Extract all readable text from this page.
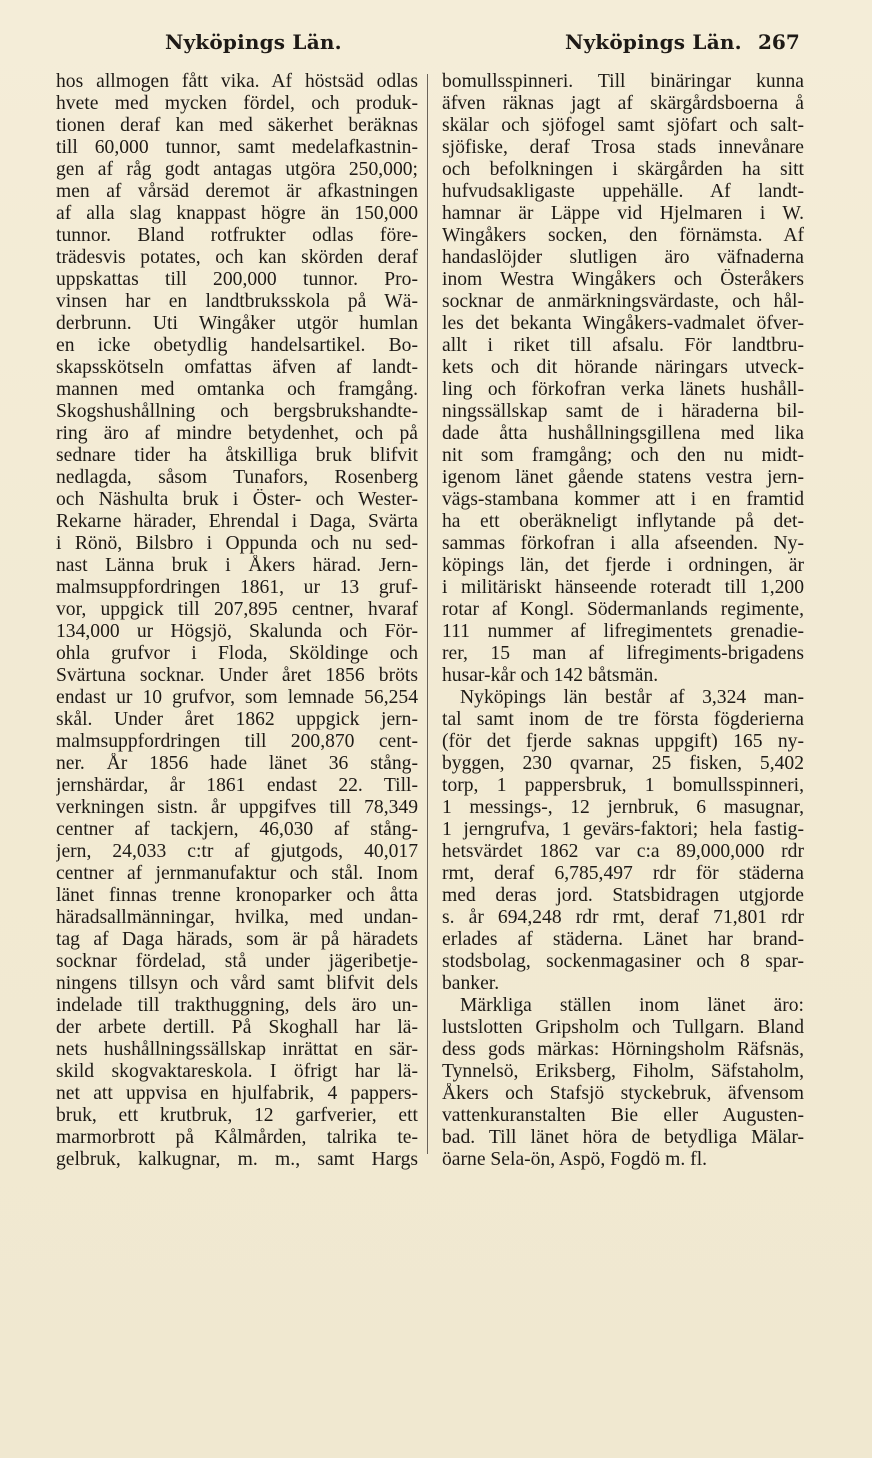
Nyköpings Län.	Nyköpings Län. 267
hos allmogen fått vika. Af höstsäd odlas
hvete med mycken fördel, och produk-
tionen deraf kan med säkerhet beräknas
till 60,000 tunnor, samt medelafkastnin-
gen af råg godt antagas utgöra 250,000;
men af vårsäd deremot är afkastningen
af alla slag knappast högre än 150,000
tunnor. Bland rotfrukter odlas före-
trädesvis potates, och kan skörden deraf
uppskattas till 200,000 tunnor. Pro-
vinsen har en landtbruksskola på Wä-
derbrunn. Uti Wingåker utgör humlan
en icke obetydlig handelsartikel. Bo-
skapsskötseln omfattas äfven af landt-
mannen med omtanka och framgång.
Skogshushållning och bergsbrukshandte-
ring äro af mindre betydenhet, och på
sednare tider ha åtskilliga bruk blifvit
nedlagda, såsom Tunafors, Rosenberg
och Näshulta bruk i Öster- och Wester-
Rekarne härader, Ehrendal i Daga, Svärta
i Rönö, Bilsbro i Oppunda och nu sed-
nast Länna bruk i Åkers härad. Jern-
malmsuppfordringen 1861, ur 13 gruf-
vor, uppgick till 207,895 centner, hvaraf
134,000 ur Högsjö, Skalunda och För-
ohla grufvor i Floda, Sköldinge och
Svärtuna socknar. Under året 1856 bröts
endast ur 10 grufvor, som lemnade 56,254
skål. Under året 1862 uppgick jern-
malmsuppfordringen till 200,870 cent-
ner. År 1856 hade länet 36 stång-
jernshärdar, år 1861 endast 22. Till-
verkningen sistn. år uppgifves till 78,349
centner af tackjern, 46,030 af stång-
jern, 24,033 c:tr af gjutgods, 40,017
centner af jernmanufaktur och stål. Inom
länet finnas trenne kronoparker och åtta
häradsallmänningar, hvilka, med undan-
tag af Daga härads, som är på häradets
socknar fördelad, stå under jägeribetje-
ningens tillsyn och vård samt blifvit dels
indelade till trakthuggning, dels äro un-
der arbete dertill. På Skoghall har lä-
nets hushållningssällskap inrättat en sär-
skild skogvaktareskola. I öfrigt har lä-
net att uppvisa en hjulfabrik, 4 pappers-
bruk, ett krutbruk, 12 garfverier, ett
marmorbrott på Kålmården, talrika te-
gelbruk, kalkugnar, m. m., samt Hargs
bomullsspinneri. Till binäringar kunna
äfven räknas jagt af skärgårdsboerna å
skälar och sjöfogel samt sjöfart och salt-
sjöfiske, deraf Trosa stads innevånare
och befolkningen i skärgården ha sitt
hufvudsakligaste uppehälle. Af landt-
hamnar är Läppe vid Hjelmaren i W.
Wingåkers socken, den förnämsta. Af
handaslöjder slutligen äro väfnaderna
inom Westra Wingåkers och Österåkers
socknar de anmärkningsvärdaste, och hål-
les det bekanta Wingåkers-vadmalet öfver-
allt i riket till afsalu. För landtbru-
kets och dit hörande näringars utveck-
ling och förkofran verka länets hushåll-
ningssällskap samt de i häraderna bil-
dade åtta hushållningsgillena med lika
nit som framgång; och den nu midt-
igenom länet gående statens vestra jern-
vägs-stambana kommer att i en framtid
ha ett oberäkneligt inflytande på det-
sammas förkofran i alla afseenden. Ny-
köpings län, det fjerde i ordningen, är
i militäriskt hänseende roteradt till 1,200
rotar af Kongl. Södermanlands regimente,
111 nummer af lifregimentets grenadie-
rer, 15 man af lifregiments-brigadens
husar-kår och 142 båtsmän.
Nyköpings län består af 3,324 man-
tal samt inom de tre första fögderierna
(för det fjerde saknas uppgift) 165 ny-
byggen, 230 qvarnar, 25 fisken, 5,402
torp, 1 pappersbruk, 1 bomullsspinneri,
1 messings-, 12 jernbruk, 6 masugnar,
1 jerngrufva, 1 gevärs-faktori; hela fastig-
hetsvärdet 1862 var c:a 89,000,000 rdr
rmt, deraf 6,785,497 rdr för städerna
med deras jord. Statsbidragen utgjorde
s. år 694,248 rdr rmt, deraf 71,801 rdr
erlades af städerna. Länet har brand-
stodsbolag, sockenmagasiner och 8 spar-
banker.
Märkliga ställen inom länet äro:
lustslotten Gripsholm och Tullgarn. Bland
dess gods märkas: Hörningsholm Räfsnäs,
Tynnelsö, Eriksberg, Fiholm, Säfstaholm,
Åkers och Stafsjö styckebruk, äfvensom
vattenkuranstalten Bie eller Augusten-
bad. Till länet höra de betydliga Mälar-
öarne Sela-ön, Aspö, Fogdö m. fl.
